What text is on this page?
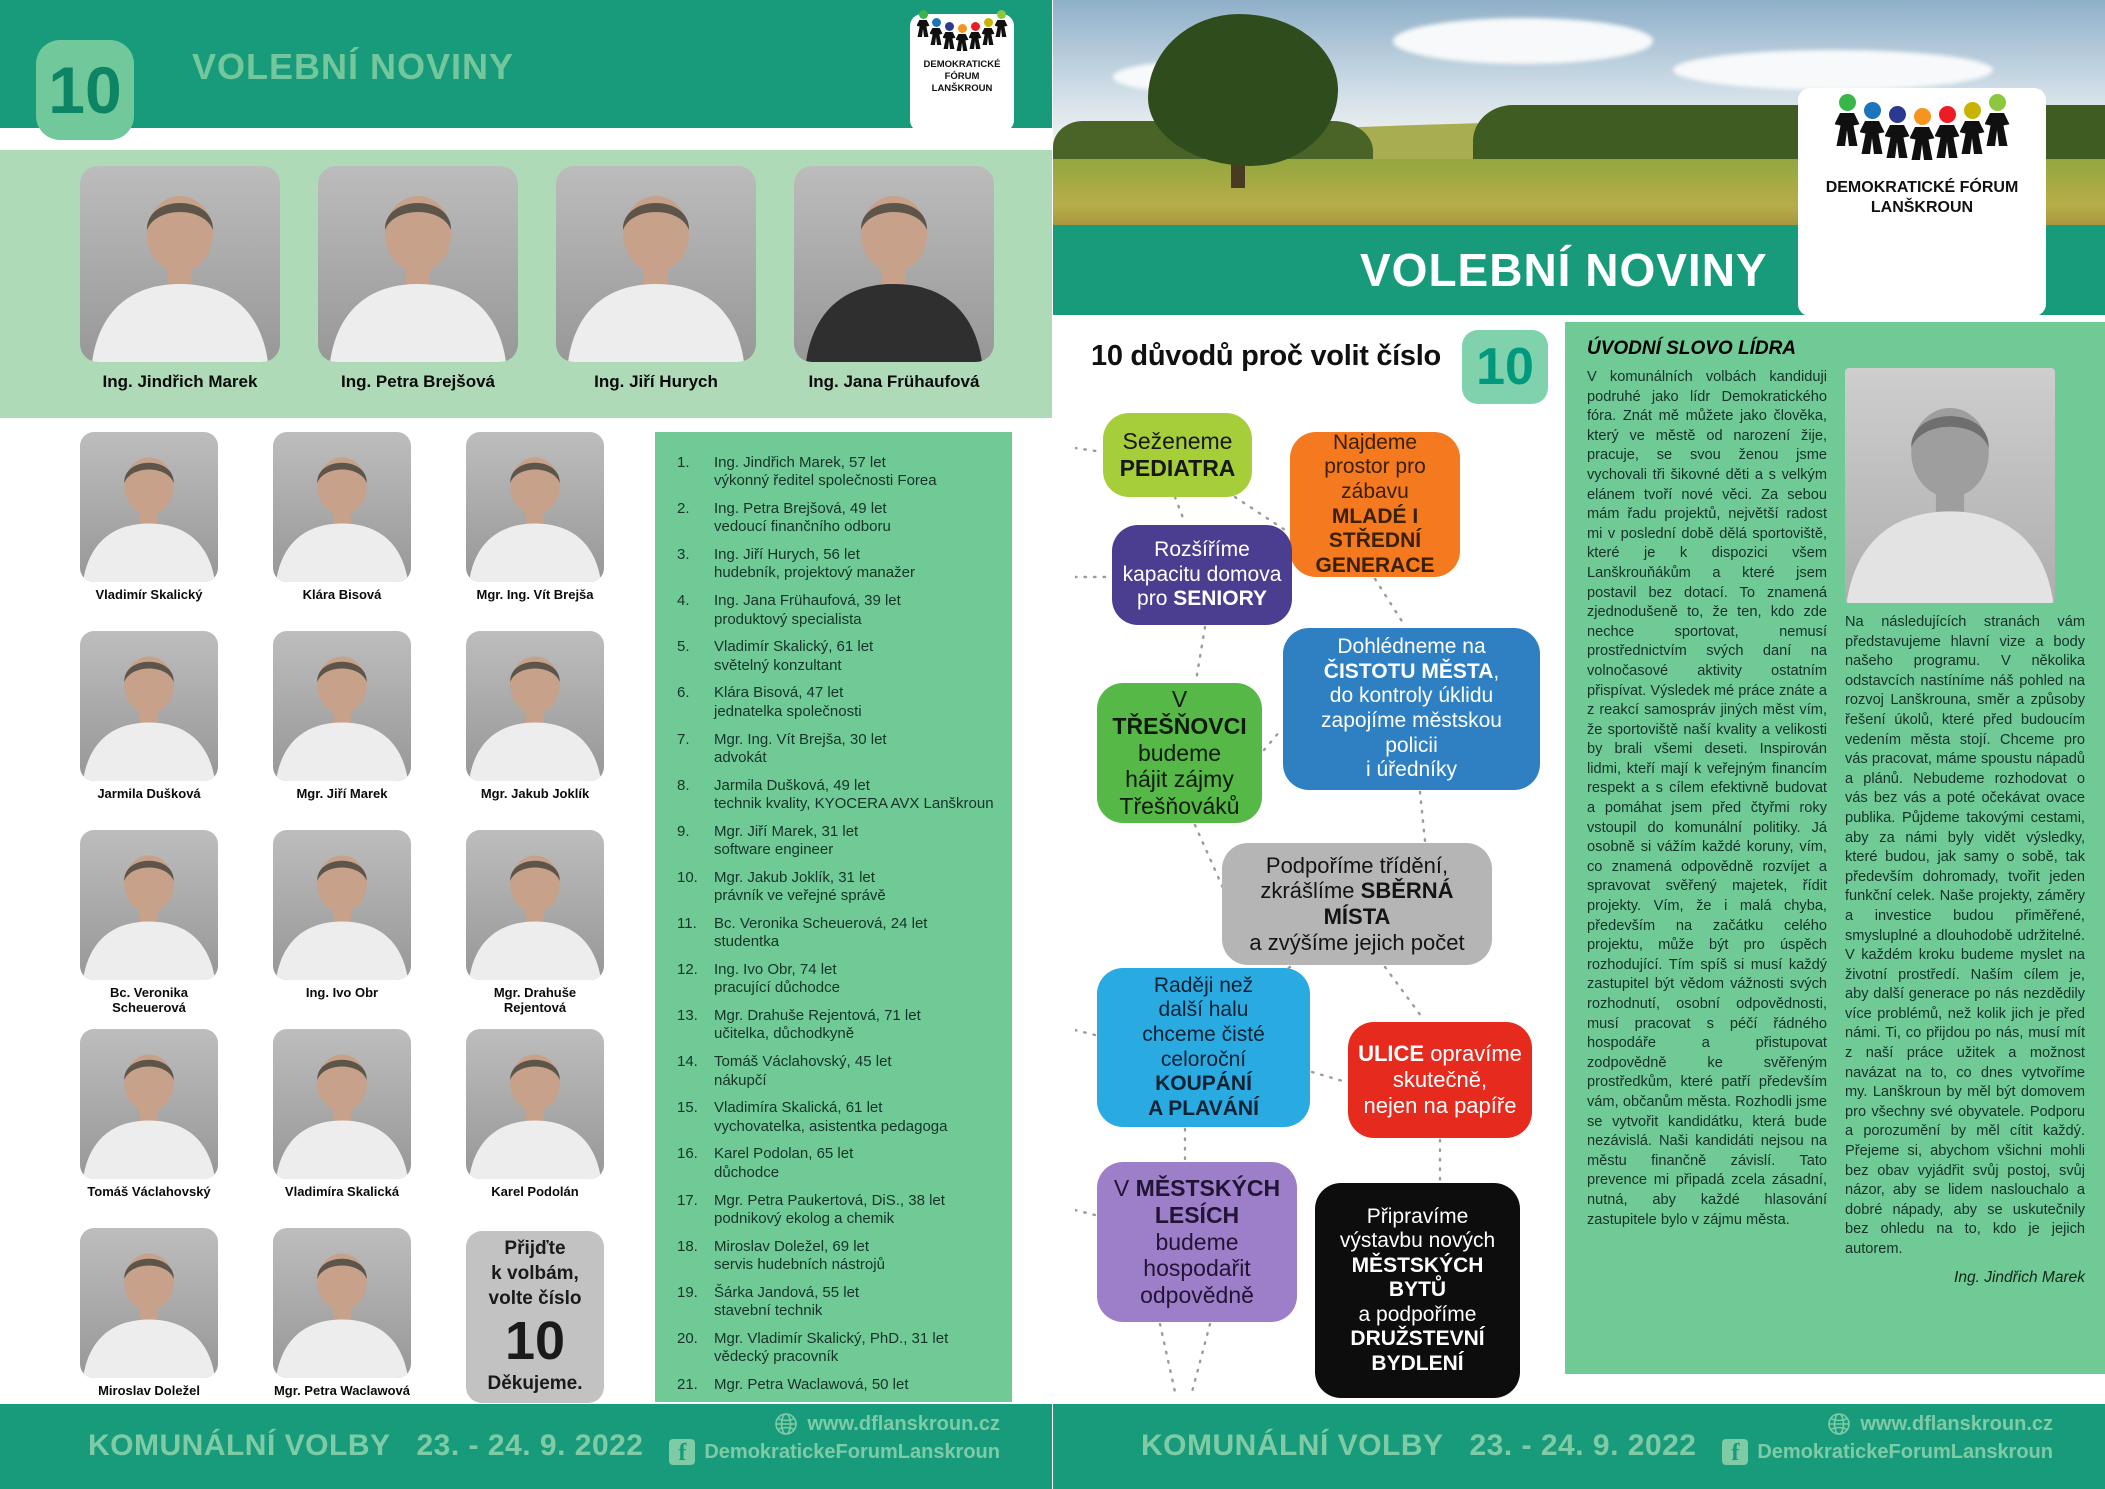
10	VOLEBNÍ NOVINY	DEMOKRATICKÉ FÓRUM
LANŠKROUN
Ing. Jindřich Marek	Ing. Petra Brejšová	Ing. Jiří Hurych	Ing. Jana Frühaufová
Vladimír Skalický	Klára Bisová	Mgr. Ing. Vít Brejša
Jarmila Dušková	Mgr. Jiří Marek	Mgr. Jakub Joklík
Bc. Veronika Scheuerová
Ing. Ivo Obr	Mgr. Drahuše Rejentová
Tomáš Václahovský	Vladimíra Skalická	Karel Podolán
Miroslav Doležel	Mgr. Petra Waclawová
Přijďte
k volbám,
volte číslo
10
Děkujeme.
1.	Ing. Jindřich Marek, 57 let
výkonný ředitel společnosti Forea
2.	Ing. Petra Brejšová, 49 let
vedoucí finančního odboru
3.	Ing. Jiří Hurych, 56 let
hudebník, projektový manažer
4.	Ing. Jana Frühaufová, 39 let
produktový specialista
5.	Vladimír Skalický, 61 let
světelný konzultant
6.	Klára Bisová, 47 let
jednatelka společnosti
7.	Mgr. Ing. Vít Brejša, 30 let
advokát
8.	Jarmila Dušková, 49 let
technik kvality, KYOCERA AVX Lanškroun
9.	Mgr. Jiří Marek, 31 let
software engineer
10.	Mgr. Jakub Joklík, 31 let
právník ve veřejné správě
11.	Bc. Veronika Scheuerová, 24 let
studentka
12.	Ing. Ivo Obr, 74 let
pracující důchodce
13.	Mgr. Drahuše Rejentová, 71 let
učitelka, důchodkyně
14.	Tomáš Václahovský, 45 let
nákupčí
15.	Vladimíra Skalická, 61 let
vychovatelka, asistentka pedagoga
16.	Karel Podolan, 65 let
důchodce
17.	Mgr. Petra Paukertová, DiS., 38 let
podnikový ekolog a chemik
18.	Miroslav Doležel, 69 let
servis hudebních nástrojů
19.	Šárka Jandová, 55 let
stavební technik
20.	Mgr. Vladimír Skalický, PhD., 31 let
vědecký pracovník
21.	Mgr. Petra Waclawová, 50 let
KOMUNÁLNÍ VOLBY 23. - 24. 9. 2022
www.dflanskroun.cz
f DemokratickeForumLanskroun
VOLEBNÍ NOVINY
DEMOKRATICKÉ FÓRUM
LANŠKROUN
10 důvodů proč volit číslo 10
Seženeme
PEDIATRA
Najdeme
prostor pro zábavu
MLADÉ I STŘEDNÍ
GENERACE
Rozšíříme
kapacitu domova
pro SENIORY
V TŘEŠŇOVCI
budeme
hájit zájmy
Třešňováků
Dohlédneme na
ČISTOTU MĚSTA,
do kontroly úklidu
zapojíme městskou policii
i úředníky
Podpoříme třídění,
zkrášlíme SBĚRNÁ MÍSTA
a zvýšíme jejich počet
Raději než
další halu
chceme čisté celoroční
KOUPÁNÍ
A PLAVÁNÍ
ULICE opravíme
skutečně,
nejen na papíře
V MĚSTSKÝCH
LESÍCH
budeme hospodařit
odpovědně
Připravíme
výstavbu nových
MĚSTSKÝCH BYTŮ
a podpoříme
DRUŽSTEVNÍ
BYDLENÍ
ÚVODNÍ SLOVO LÍDRA
V komunálních volbách kandiduji podruhé jako lídr Demokratického fóra. Znát mě můžete jako člověka, který ve městě od narození žije, pracuje, se svou ženou jsme vychovali tři šikovné děti a s velkým elánem tvoří nové věci. Za sebou mám řadu projektů, největší radost mi v poslední době dělá sportoviště, které je k dispozici všem Lanškrouňákům a které jsem postavil bez dotací. To znamená zjednodušeně to, že ten, kdo zde nechce sportovat, nemusí prostřednictvím svých daní na volnočasové aktivity ostatním přispívat. Výsledek mé práce znáte a z reakcí samospráv jiných měst vím, že sportoviště naší kvality a velikosti by brali všemi deseti. Inspirován lidmi, kteří mají k veřejným financím respekt a s cílem efektivně budovat a pomáhat jsem před čtyřmi roky vstoupil do komunální politiky. Já osobně si vážím každé koruny, vím, co znamená odpovědně rozvíjet a spravovat svěřený majetek, řídit projekty. Vím, že i malá chyba, především na začátku celého projektu, může být pro úspěch rozhodující. Tím spíš si musí každý zastupitel být vědom vážnosti svých rozhodnutí, osobní odpovědnosti, musí pracovat s péčí řádného hospodáře a přistupovat zodpovědně ke svěřeným prostředkům, které patří především vám, občanům města. Rozhodli jsme se vytvořit kandidátku, která bude nezávislá. Naši kandidáti nejsou na městu finančně závislí. Tato prevence mi připadá zcela zásadní, nutná, aby každé hlasování zastupitele bylo v zájmu města.
Na následujících stranách vám představujeme hlavní vize a body našeho programu. V několika odstavcích nastíníme náš pohled na rozvoj Lanškrouna, směr a způsoby řešení úkolů, které před budoucím vedením města stojí. Chceme pro vás pracovat, máme spoustu nápadů a plánů. Nebudeme rozhodovat o vás bez vás a poté očekávat ovace publika. Půjdeme takovými cestami, aby za námi byly vidět výsledky, které budou, jak samy o sobě, tak především dohromady, tvořit jeden funkční celek. Naše projekty, záměry a investice budou přiměřené, smysluplné a dlouhodobě udržitelné. V každém kroku budeme myslet na životní prostředí. Naším cílem je, aby další generace po nás nezdědily více problémů, než kolik jich je před námi. Ti, co přijdou po nás, musí mít z naší práce užitek a možnost navázat na to, co dnes vytvoříme my. Lanškroun by měl být domovem pro všechny své obyvatele. Podporu a porozumění by měl cítit každý. Přejeme si, abychom všichni mohli bez obav vyjádřit svůj postoj, svůj názor, aby se lidem naslouchalo a dobré nápady, aby se uskutečnily bez ohledu na to, kdo je jejich autorem.
Ing. Jindřich Marek
KOMUNÁLNÍ VOLBY 23. - 24. 9. 2022
www.dflanskroun.cz
f DemokratickeForumLanskroun
